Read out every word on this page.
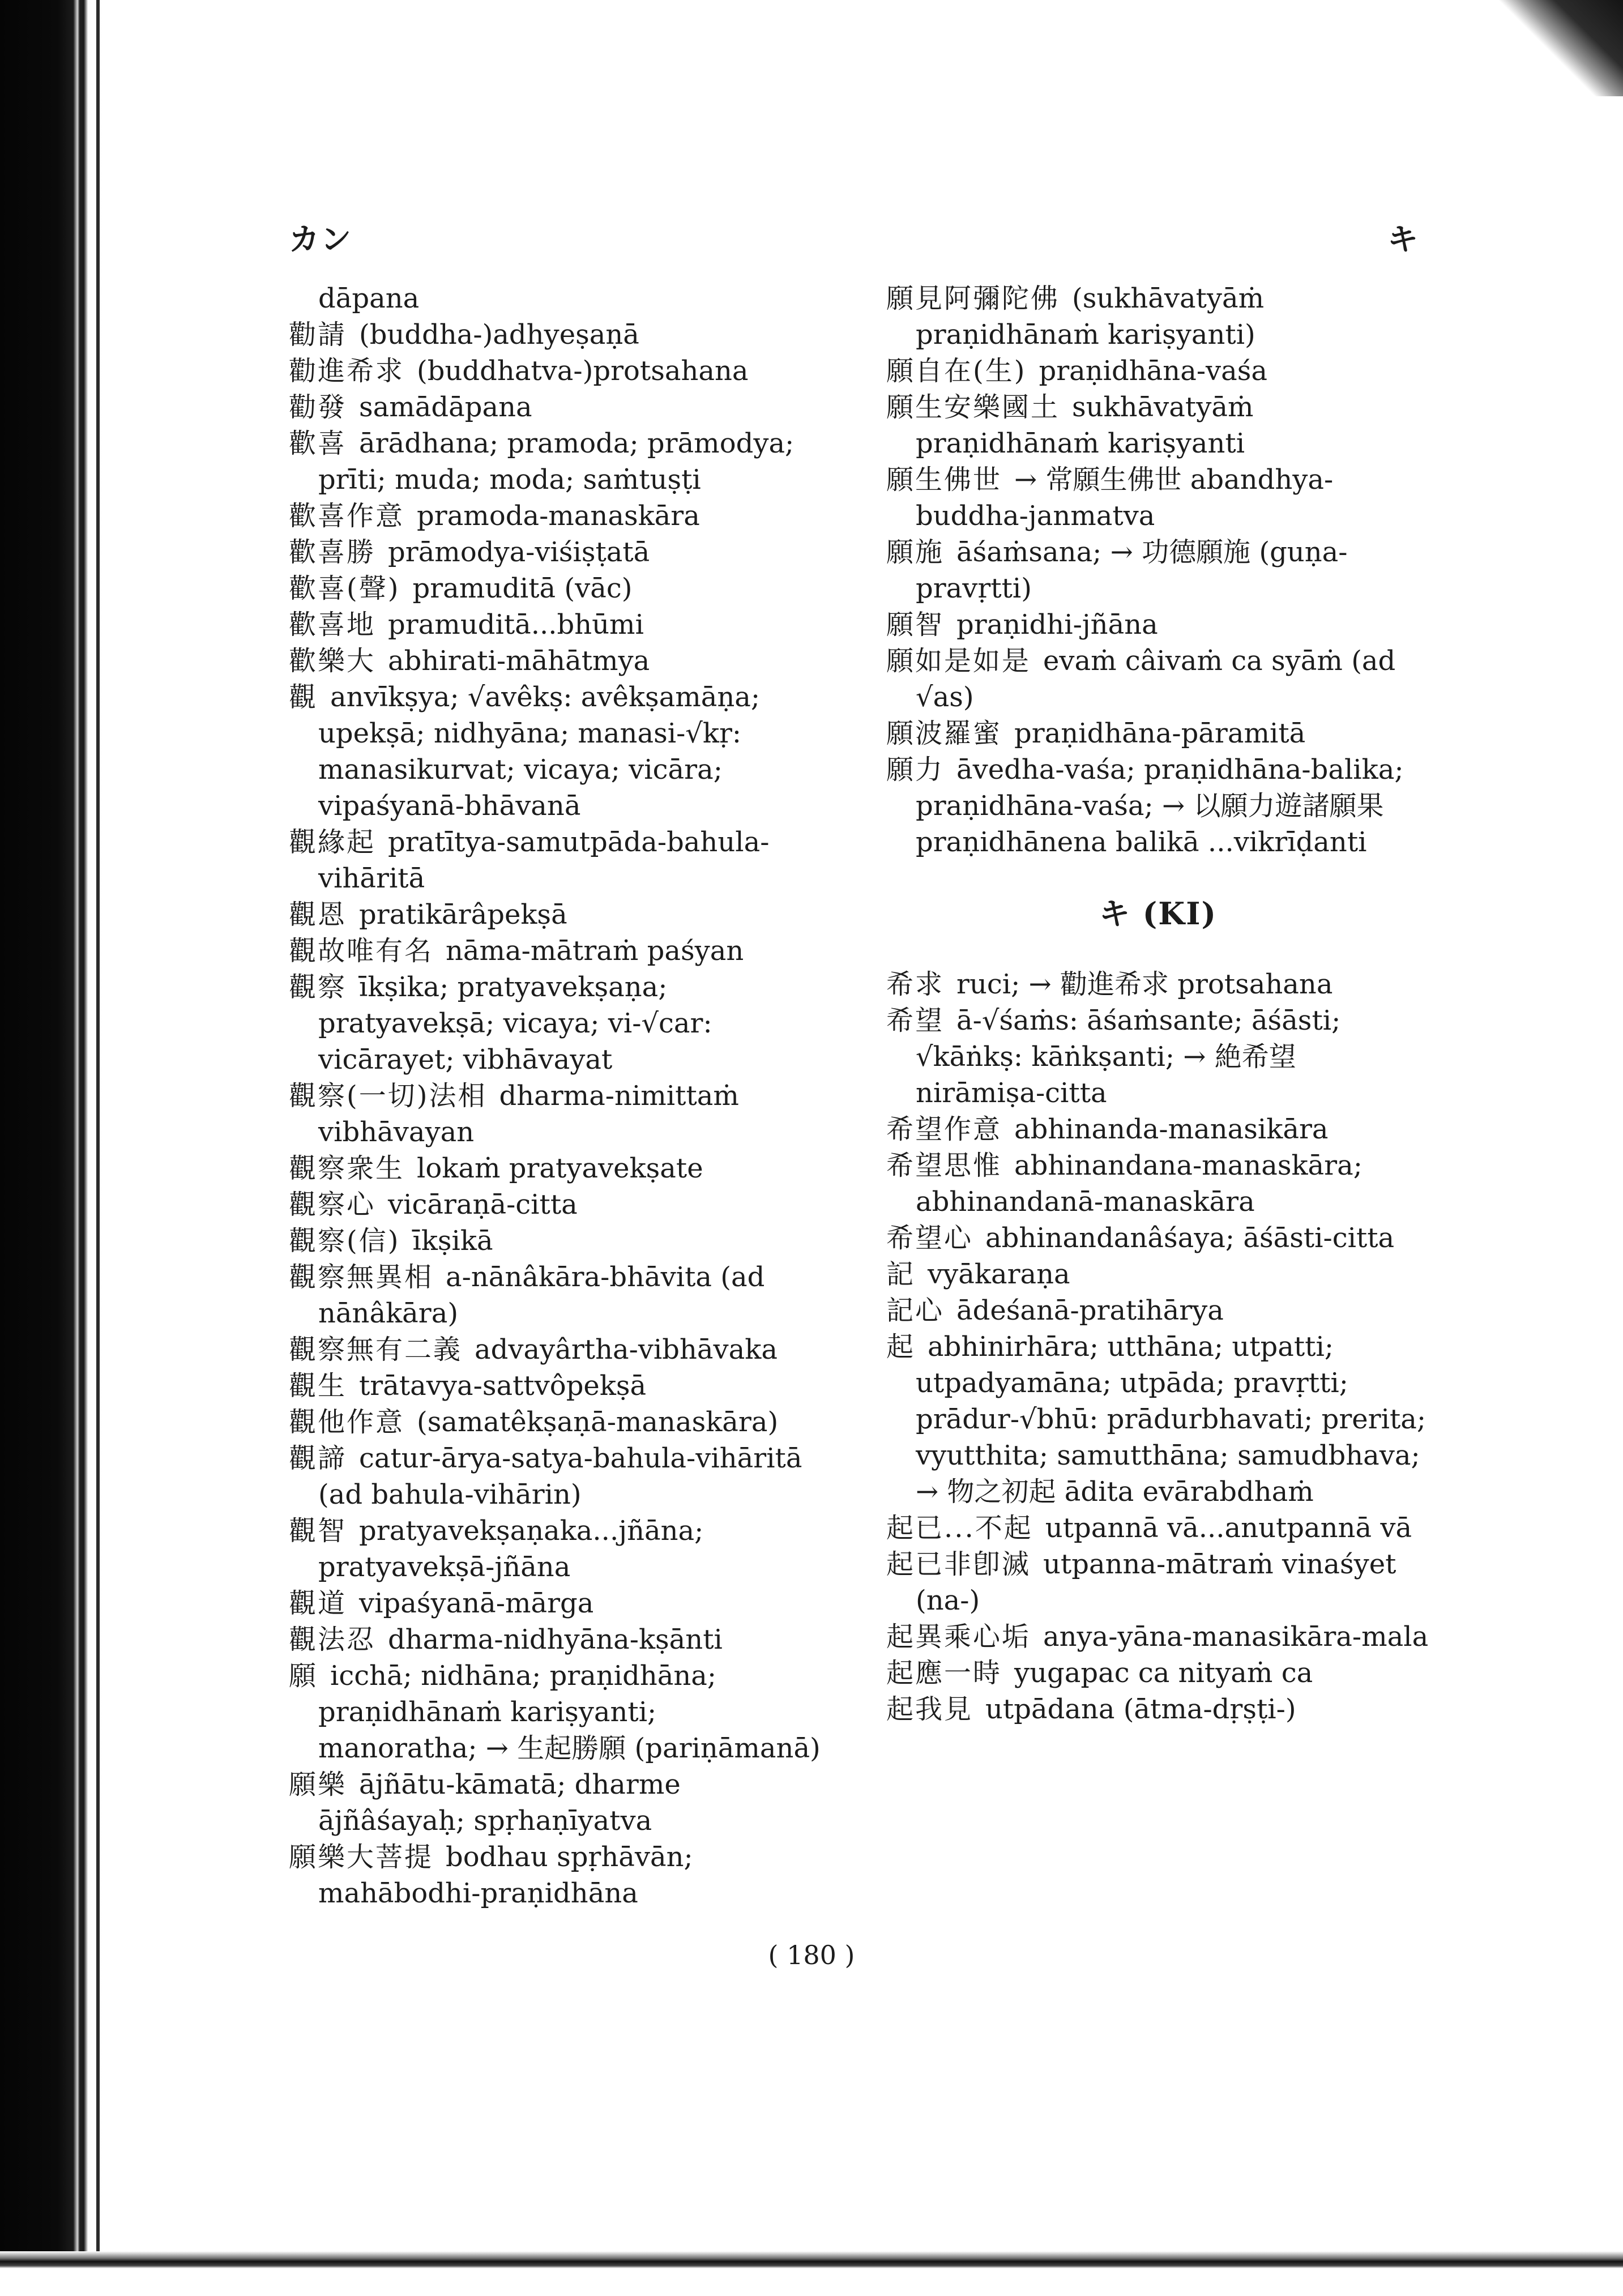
カン	キ

dāpana

勸請 (buddha-)adhyeṣaṇā

勸進希求 (buddhatva-)protsahana

勸發 samādāpana

歡喜 ārādhana; pramoda; prāmodya; prīti; muda; moda; saṁtuṣṭi

歡喜作意 pramoda-manaskāra

歡喜勝 prāmodya-viśiṣṭatā

歡喜(聲) pramuditā (vāc)

歡喜地 pramuditā...bhūmi

歡樂大 abhirati-māhātmya

觀 anvīkṣya; √avêkṣ: avêkṣamāṇa; upekṣā; nidhyāna; manasi-√kṛ: manasikurvat; vicaya; vicāra; vipaśyanā-bhāvanā

觀緣起 pratītya-samutpāda-bahula-vihāritā

觀恩 pratikārâpekṣā

觀故唯有名 nāma-mātraṁ paśyan

觀察 īkṣika; pratyavekṣaṇa; pratyavekṣā; vicaya; vi-√car: vicārayet; vibhāvayat

觀察(一切)法相 dharma-nimittaṁ vibhāvayan

觀察衆生 lokaṁ pratyavekṣate

觀察心 vicāraṇā-citta

觀察(信) īkṣikā

觀察無異相 a-nānâkāra-bhāvita (ad nānâkāra)

觀察無有二義 advayârtha-vibhāvaka

觀生 trātavya-sattvôpekṣā

觀他作意 (samatêkṣaṇā-manaskāra)

觀諦 catur-ārya-satya-bahula-vihāritā (ad bahula-vihārin)

觀智 pratyavekṣaṇaka...jñāna; pratyavekṣā-jñāna

觀道 vipaśyanā-mārga

觀法忍 dharma-nidhyāna-kṣānti

願 icchā; nidhāna; praṇidhāna; praṇidhānaṁ kariṣyanti; manoratha; → 生起勝願 (pariṇāmanā)

願樂 ājñātu-kāmatā; dharme ājñâśayaḥ; spṛhaṇīyatva

願樂大菩提 bodhau spṛhāvān; mahābodhi-praṇidhāna

願見阿彌陀佛 (sukhāvatyāṁ praṇidhānaṁ kariṣyanti)

願自在(生) praṇidhāna-vaśa

願生安樂國土 sukhāvatyāṁ praṇidhānaṁ kariṣyanti

願生佛世 → 常願生佛世 abandhya-buddha-janmatva

願施 āśaṁsana; → 功德願施 (guṇa-pravṛtti)

願智 praṇidhi-jñāna

願如是如是 evaṁ câivaṁ ca syāṁ (ad √as)

願波羅蜜 praṇidhāna-pāramitā

願力 āvedha-vaśa; praṇidhāna-balika; praṇidhāna-vaśa; → 以願力遊諸願果 praṇidhānena balikā ...vikrīḍanti

キ (KI)

希求 ruci; → 勸進希求 protsahana

希望 ā-√śaṁs: āśaṁsante; āśāsti; √kāṅkṣ: kāṅkṣanti; → 絶希望 nirāmiṣa-citta

希望作意 abhinanda-manasikāra

希望思惟 abhinandana-manaskāra; abhinandanā-manaskāra

希望心 abhinandanâśaya; āśāsti-citta

記 vyākaraṇa

記心 ādeśanā-pratihārya

起 abhinirhāra; utthāna; utpatti; utpadyamāna; utpāda; pravṛtti; prādur-√bhū: prādurbhavati; prerita; vyutthita; samutthāna; samudbhava; → 物之初起 ādita evārabdhaṁ

起已...不起 utpannā vā...anutpannā vā

起已非卽滅 utpanna-mātraṁ vinaśyet (na-)

起異乘心垢 anya-yāna-manasikāra-mala

起應一時 yugapac ca nityaṁ ca

起我見 utpādana (ātma-dṛṣṭi-)

( 180 )
